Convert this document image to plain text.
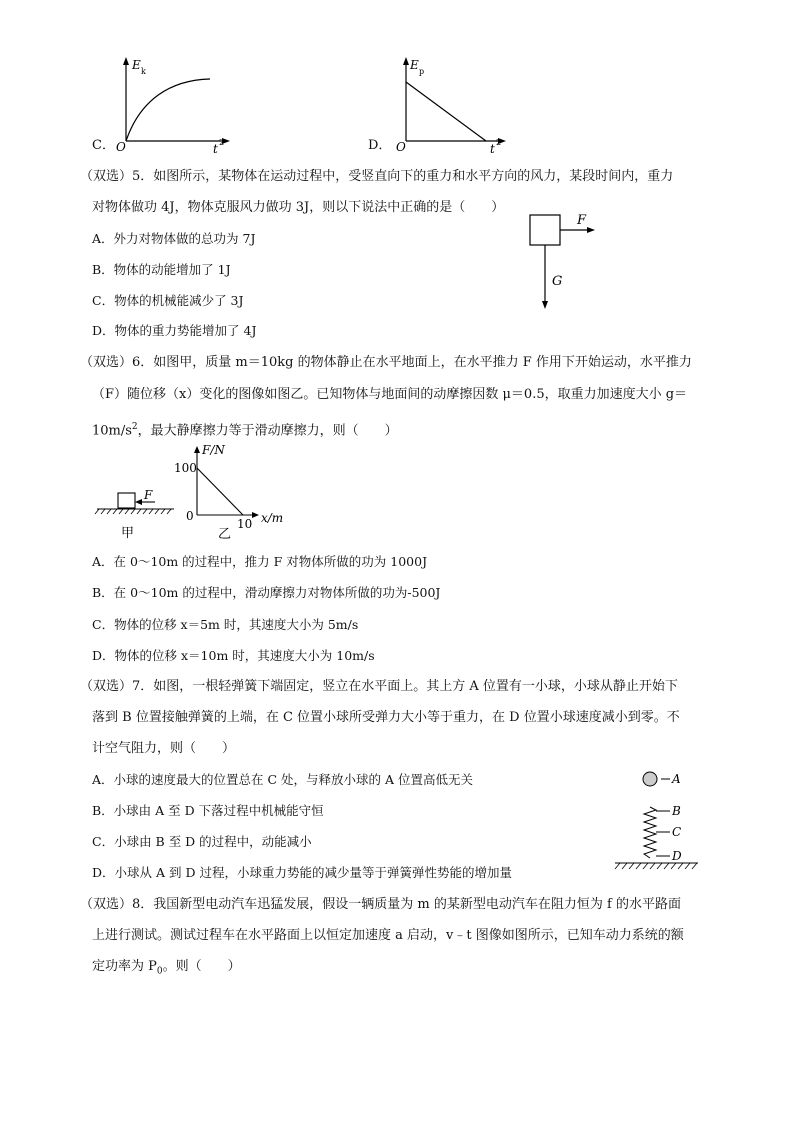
E k
O	t 2
C．
E p
O	t 2
D．
（双选）5．如图所示，某物体在运动过程中，受竖直向下的重力和水平方向的风力，某段时间内，重力
对物体做功 4J，物体克服风力做功 3J，则以下说法中正确的是（　　）
A．外力对物体做的总功为 7J
B．物体的动能增加了 1J
C．物体的机械能减少了 3J
D．物体的重力势能增加了 4J
F
G
（双选）6．如图甲，质量 m＝10kg 的物体静止在水平地面上，在水平推力 F 作用下开始运动，水平推力
（F）随位移（x）变化的图像如图乙。已知物体与地面间的动摩擦因数 μ＝0.5，取重力加速度大小 g＝
$10m/s^2$，最大静摩擦力等于滑动摩擦力，则（　　）
F
甲
F/N
100
0
10 x/m
乙
A．在 0～10m 的过程中，推力 F 对物体所做的功为 1000J
B．在 0～10m 的过程中，滑动摩擦力对物体所做的功为-500J
C．物体的位移 x＝5m 时，其速度大小为 5m/s
D．物体的位移 x＝10m 时，其速度大小为 10m/s
（双选）7．如图，一根轻弹簧下端固定，竖立在水平面上。其上方 A 位置有一小球，小球从静止开始下
落到 B 位置接触弹簧的上端，在 C 位置小球所受弹力大小等于重力，在 D 位置小球速度减小到零。不
计空气阻力，则（　　）
A．小球的速度最大的位置总在 C 处，与释放小球的 A 位置高低无关
B．小球由 A 至 D 下落过程中机械能守恒
C．小球由 B 至 D 的过程中，动能减小
D．小球从 A 到 D 过程，小球重力势能的减少量等于弹簧弹性势能的增加量
A
B
C
D
（双选）8．我国新型电动汽车迅猛发展，假设一辆质量为 m 的某新型电动汽车在阻力恒为 f 的水平路面
上进行测试。测试过程车在水平路面上以恒定加速度 a 启动，v﹣t 图像如图所示，已知车动力系统的额
定功率为 $P_0$。则（　　）
